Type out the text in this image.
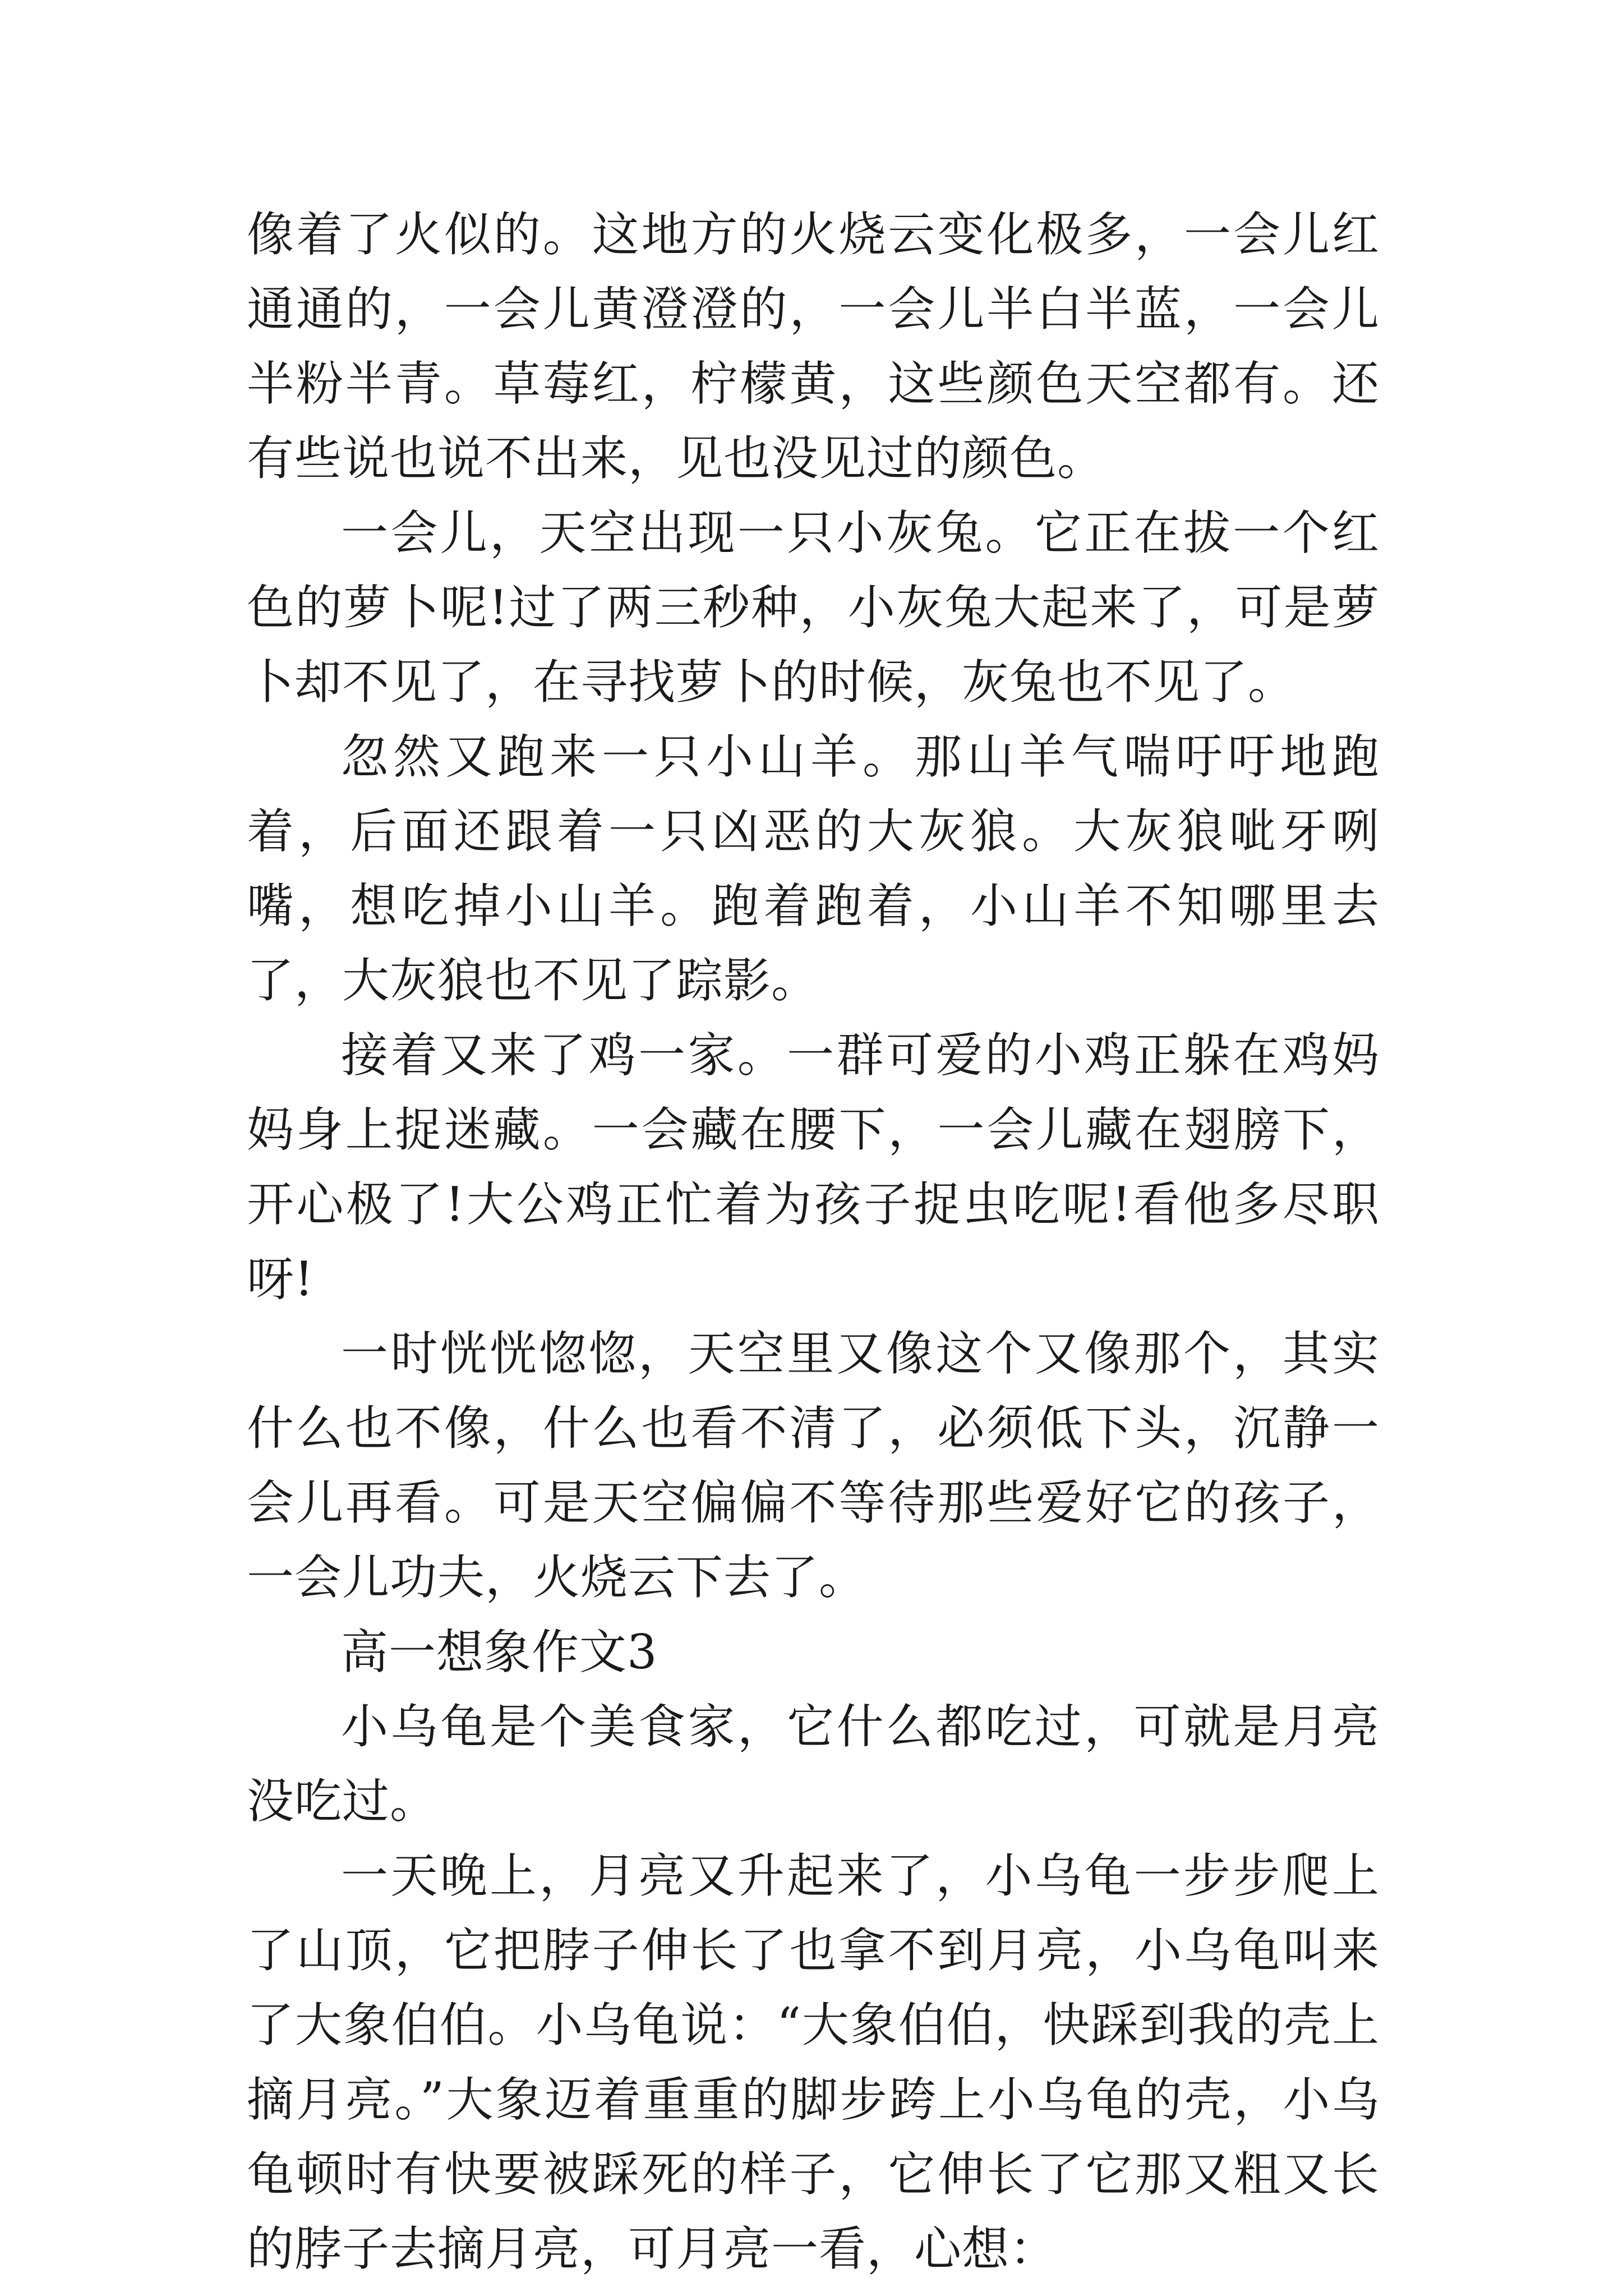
像着了火似的。这地方的火烧云变化极多，一会儿红通通的，一会儿黄澄澄的，一会儿半白半蓝，一会儿半粉半青。草莓红，柠檬黄，这些颜色天空都有。还有些说也说不出来，见也没见过的颜色。

一会儿，天空出现一只小灰兔。它正在拔一个红色的萝卜呢!过了两三秒种，小灰兔大起来了，可是萝卜却不见了，在寻找萝卜的时候，灰兔也不见了。

忽然又跑来一只小山羊。那山羊气喘吁吁地跑着，后面还跟着一只凶恶的大灰狼。大灰狼呲牙咧嘴，想吃掉小山羊。跑着跑着，小山羊不知哪里去了，大灰狼也不见了踪影。

接着又来了鸡一家。一群可爱的小鸡正躲在鸡妈妈身上捉迷藏。一会藏在腰下，一会儿藏在翅膀下，开心极了!大公鸡正忙着为孩子捉虫吃呢!看他多尽职呀!

一时恍恍惚惚，天空里又像这个又像那个，其实什么也不像，什么也看不清了，必须低下头，沉静一会儿再看。可是天空偏偏不等待那些爱好它的孩子，一会儿功夫，火烧云下去了。

高一想象作文3

小乌龟是个美食家，它什么都吃过，可就是月亮没吃过。

一天晚上，月亮又升起来了，小乌龟一步步爬上了山顶，它把脖子伸长了也拿不到月亮，小乌龟叫来了大象伯伯。小乌龟说：“大象伯伯，快踩到我的壳上摘月亮。”大象迈着重重的脚步跨上小乌龟的壳，小乌龟顿时有快要被踩死的样子，它伸长了它那又粗又长的脖子去摘月亮，可月亮一看，心想：
